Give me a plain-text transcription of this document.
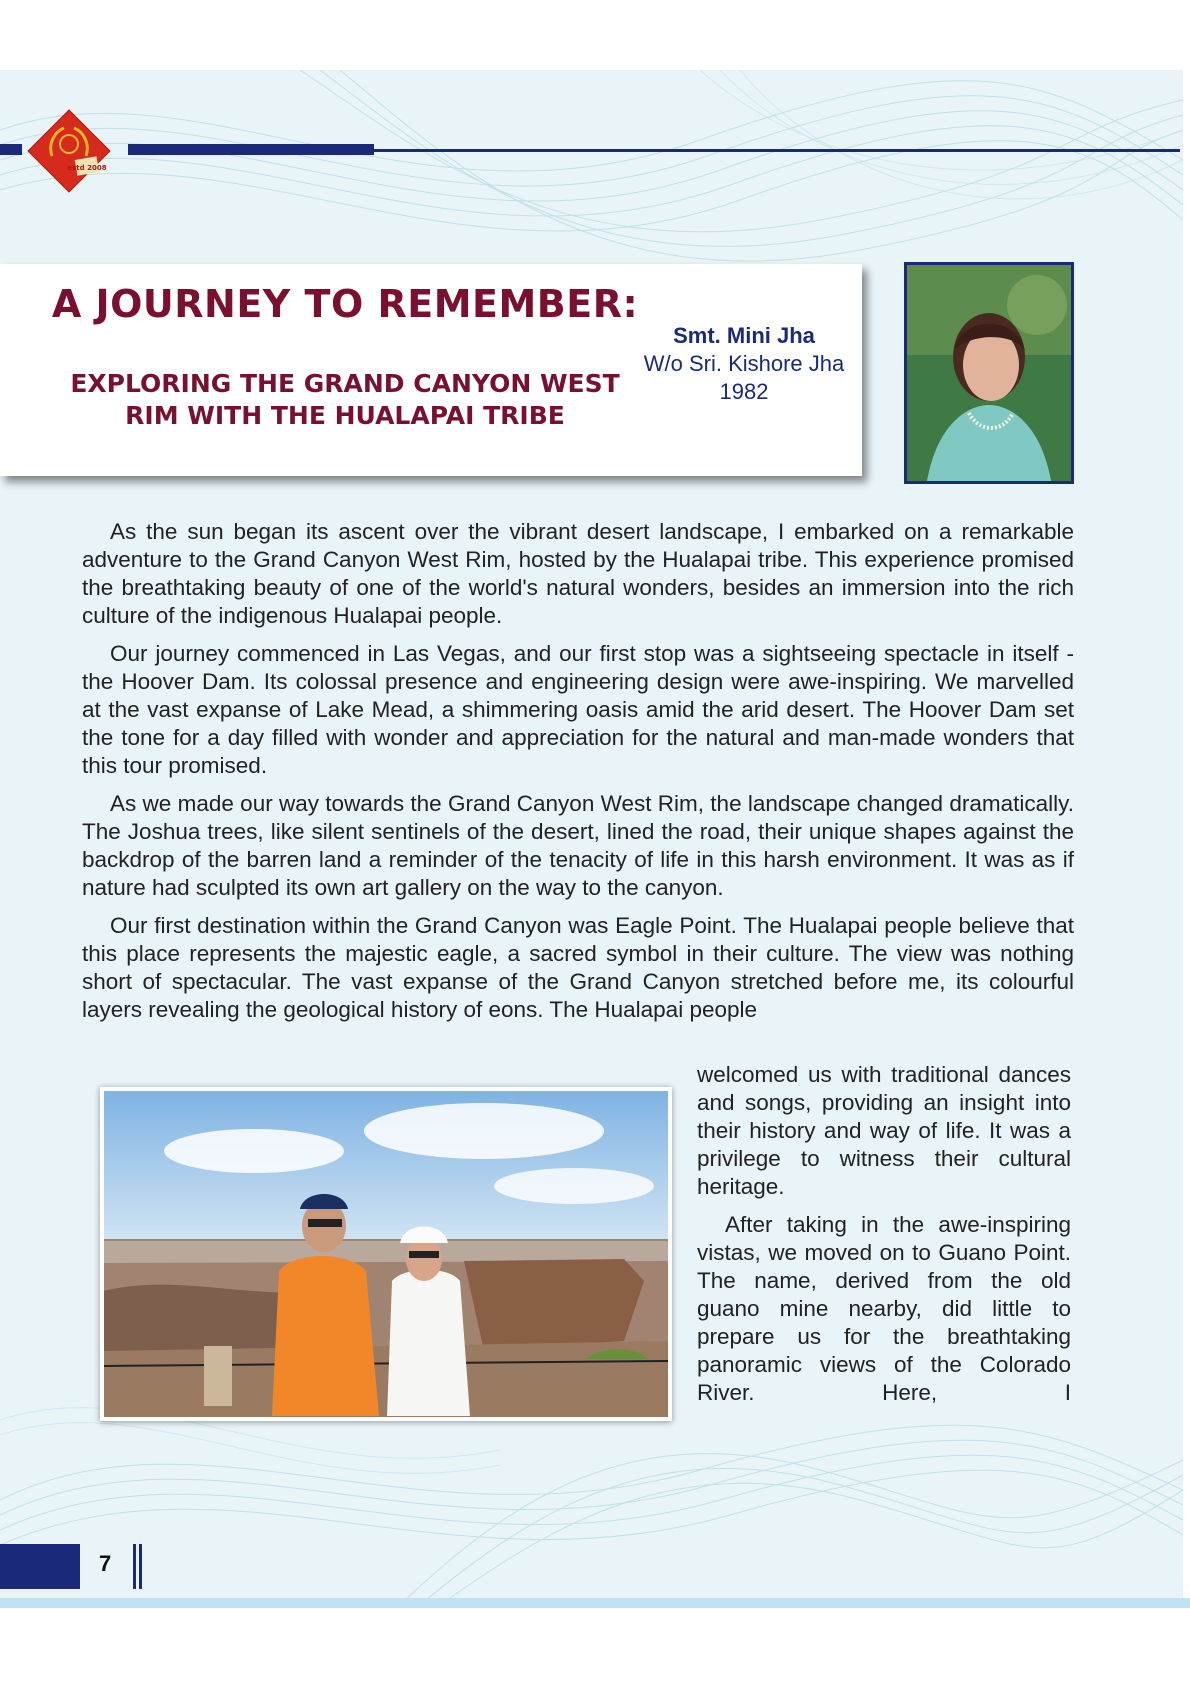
estd 2008
A JOURNEY TO REMEMBER:
EXPLORING THE GRAND CANYON WEST RIM WITH THE HUALAPAI TRIBE
Smt. Mini Jha
W/o Sri. Kishore Jha
1982

As the sun began its ascent over the vibrant desert landscape, I embarked on a remarkable adventure to the Grand Canyon West Rim, hosted by the Hualapai tribe. This experience promised the breathtaking beauty of one of the world's natural wonders, besides an immersion into the rich culture of the indigenous Hualapai people.

Our journey commenced in Las Vegas, and our first stop was a sightseeing spectacle in itself - the Hoover Dam. Its colossal presence and engineering design were awe-inspiring. We marvelled at the vast expanse of Lake Mead, a shimmering oasis amid the arid desert. The Hoover Dam set the tone for a day filled with wonder and appreciation for the natural and man-made wonders that this tour promised.

As we made our way towards the Grand Canyon West Rim, the landscape changed dramatically. The Joshua trees, like silent sentinels of the desert, lined the road, their unique shapes against the backdrop of the barren land a reminder of the tenacity of life in this harsh environment. It was as if nature had sculpted its own art gallery on the way to the canyon.

Our first destination within the Grand Canyon was Eagle Point. The Hualapai people believe that this place represents the majestic eagle, a sacred symbol in their culture. The view was nothing short of spectacular. The vast expanse of the Grand Canyon stretched before me, its colourful layers revealing the geological history of eons. The Hualapai people

welcomed us with traditional dances and songs, providing an insight into their history and way of life. It was a privilege to witness their cultural heritage.

After taking in the awe-inspiring vistas, we moved on to Guano Point. The name, derived from the old guano mine nearby, did little to prepare us for the breathtaking panoramic views of the Colorado River. Here, I

7
